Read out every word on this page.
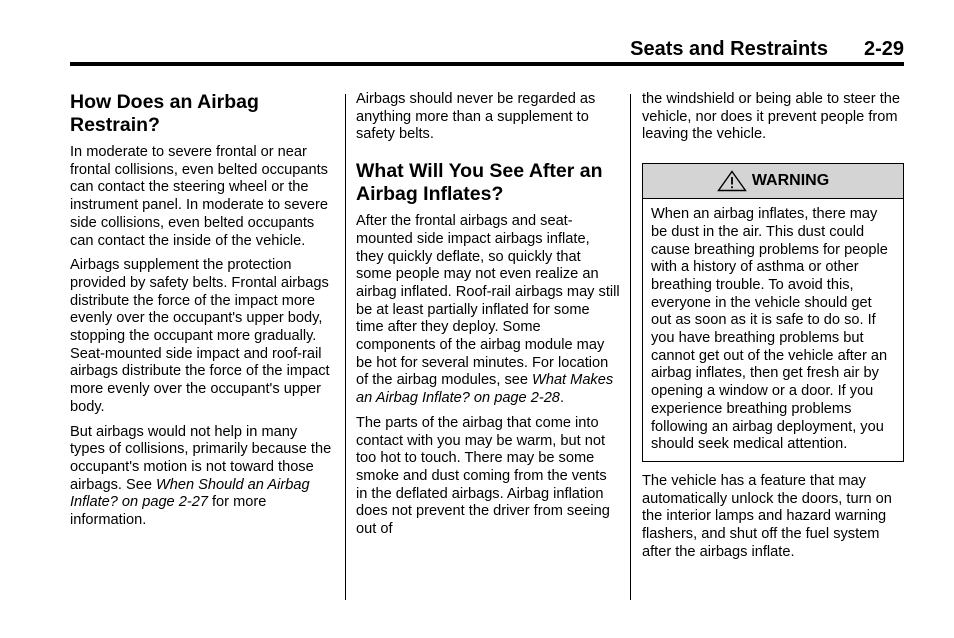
Seats and Restraints 2-29
How Does an Airbag Restrain?

In moderate to severe frontal or near frontal collisions, even belted occupants can contact the steering wheel or the instrument panel. In moderate to severe side collisions, even belted occupants can contact the inside of the vehicle.

Airbags supplement the protection provided by safety belts. Frontal airbags distribute the force of the impact more evenly over the occupant's upper body, stopping the occupant more gradually. Seat-mounted side impact and roof-rail airbags distribute the force of the impact more evenly over the occupant's upper body.

But airbags would not help in many types of collisions, primarily because the occupant's motion is not toward those airbags. See When Should an Airbag Inflate? on page 2-27 for more information.

Airbags should never be regarded as anything more than a supplement to safety belts.

What Will You See After an Airbag Inflates?

After the frontal airbags and seat-mounted side impact airbags inflate, they quickly deflate, so quickly that some people may not even realize an airbag inflated. Roof-rail airbags may still be at least partially inflated for some time after they deploy. Some components of the airbag module may be hot for several minutes. For location of the airbag modules, see What Makes an Airbag Inflate? on page 2-28.

The parts of the airbag that come into contact with you may be warm, but not too hot to touch. There may be some smoke and dust coming from the vents in the deflated airbags. Airbag inflation does not prevent the driver from seeing out of

the windshield or being able to steer the vehicle, nor does it prevent people from leaving the vehicle.

WARNING

When an airbag inflates, there may be dust in the air. This dust could cause breathing problems for people with a history of asthma or other breathing trouble. To avoid this, everyone in the vehicle should get out as soon as it is safe to do so. If you have breathing problems but cannot get out of the vehicle after an airbag inflates, then get fresh air by opening a window or a door. If you experience breathing problems following an airbag deployment, you should seek medical attention.

The vehicle has a feature that may automatically unlock the doors, turn on the interior lamps and hazard warning flashers, and shut off the fuel system after the airbags inflate.
